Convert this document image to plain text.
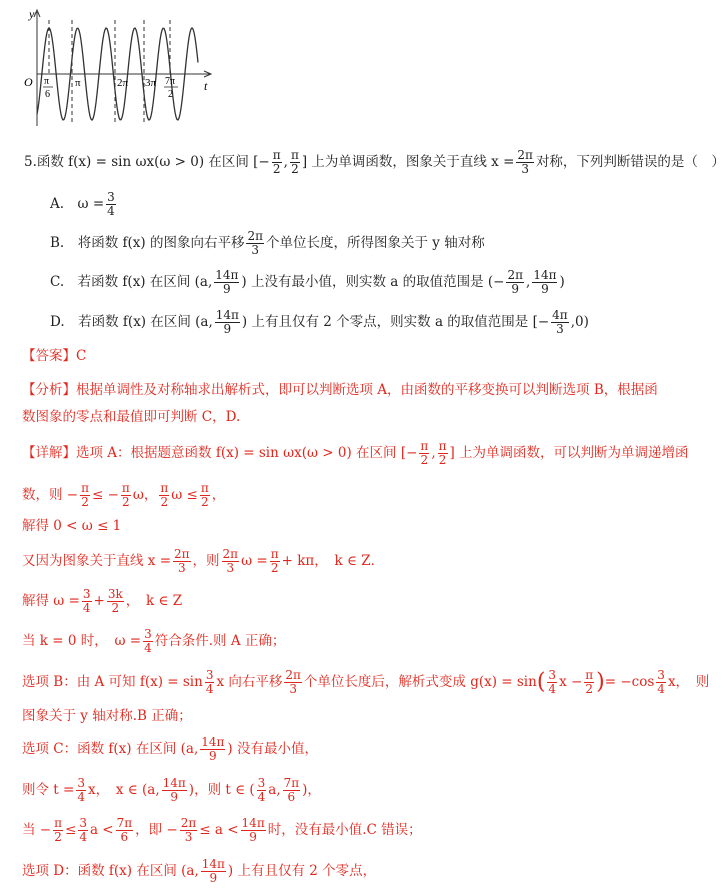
y
t
O π
6
π	2π 3π 7π
2
5.函数 f(x) = sin ωx(ω > 0) 在区间 [− $\frac{\pi}{2}$ , $\frac{\pi}{2}$ ] 上为单调函数，图象关于直线 $x = \frac{2\pi}{3}$ 对称，下列判断错误的是（　）
A.　$\omega = \frac{3}{4}$
B.　将函数 f(x) 的图象向右平移 $\frac{2\pi}{3}$ 个单位长度，所得图象关于 y 轴对称
C.　若函数 f(x) 在区间 (a, $\frac{14\pi}{9}$ ) 上没有最小值，则实数 a 的取值范围是 (− $\frac{2\pi}{9}$ , $\frac{14\pi}{9}$ )
D.　若函数 f(x) 在区间 (a, $\frac{14\pi}{9}$ ) 上有且仅有 2 个零点，则实数 a 的取值范围是 [− $\frac{4\pi}{3} ,0$)
【答案】C
【分析】根据单调性及对称轴求出解析式，即可以判断选项 A，由函数的平移变换可以判断选项 B，根据函
数图象的零点和最值即可判断 C，D.
【详解】选项 A：根据题意函数 f(x) = sin ωx(ω > 0) 在区间 [− $\frac{\pi}{2}$ , $\frac{\pi}{2}$ ] 上为单调函数，可以判断为单调递增函
数，则 − $\frac{\pi}{2}$ ≤ − $\frac{\pi}{2}$ ω， $\frac{\pi}{2}$ $\omega \le \frac{\pi}{2}$ ，
解得 0 < ω ≤ 1
又因为图象关于直线 $x = \frac{2\pi}{3}$ ，则 $\frac{2\pi}{3}$ $\omega = \frac{\pi}{2} + k\pi$，　k ∈ Z．
解得 $\omega = \frac{3}{4} + \frac{3k}{2}$ ，　k ∈ Z
当 k = 0 时，　$\omega = \frac{3}{4}$ 符合条件.则 A 正确；
选项 B：由 A 可知 $f(x) = \sin \frac{3}{4}$ x 向右平移 $\frac{2\pi}{3}$ 个单位长度后，解析式变成 $g(x) = \sin( \frac{3}{4}$ $x - \frac{\pi}{2}$ )= $-\cos \frac{3}{4}$ x，　则
图象关于 y 轴对称.B 正确；
选项 C：函数 f(x) 在区间 (a, $\frac{14\pi}{9}$ ) 没有最小值，
则令 $t = \frac{3}{4}$ x，　x ∈ (a, $\frac{14\pi}{9}$ )，则 t ∈ ( $\frac{3}{4} a$, $\frac{7\pi}{6}$ )，
当 − $\frac{\pi}{2} \le \frac{3}{4}$ $a < \frac{7\pi}{6}$ ，即 − $\frac{2\pi}{3} \le a < \frac{14\pi}{9}$ 时，没有最小值.C 错误；
选项 D：函数 f(x) 在区间 (a, $\frac{14\pi}{9}$ ) 上有且仅有 2 个零点，
